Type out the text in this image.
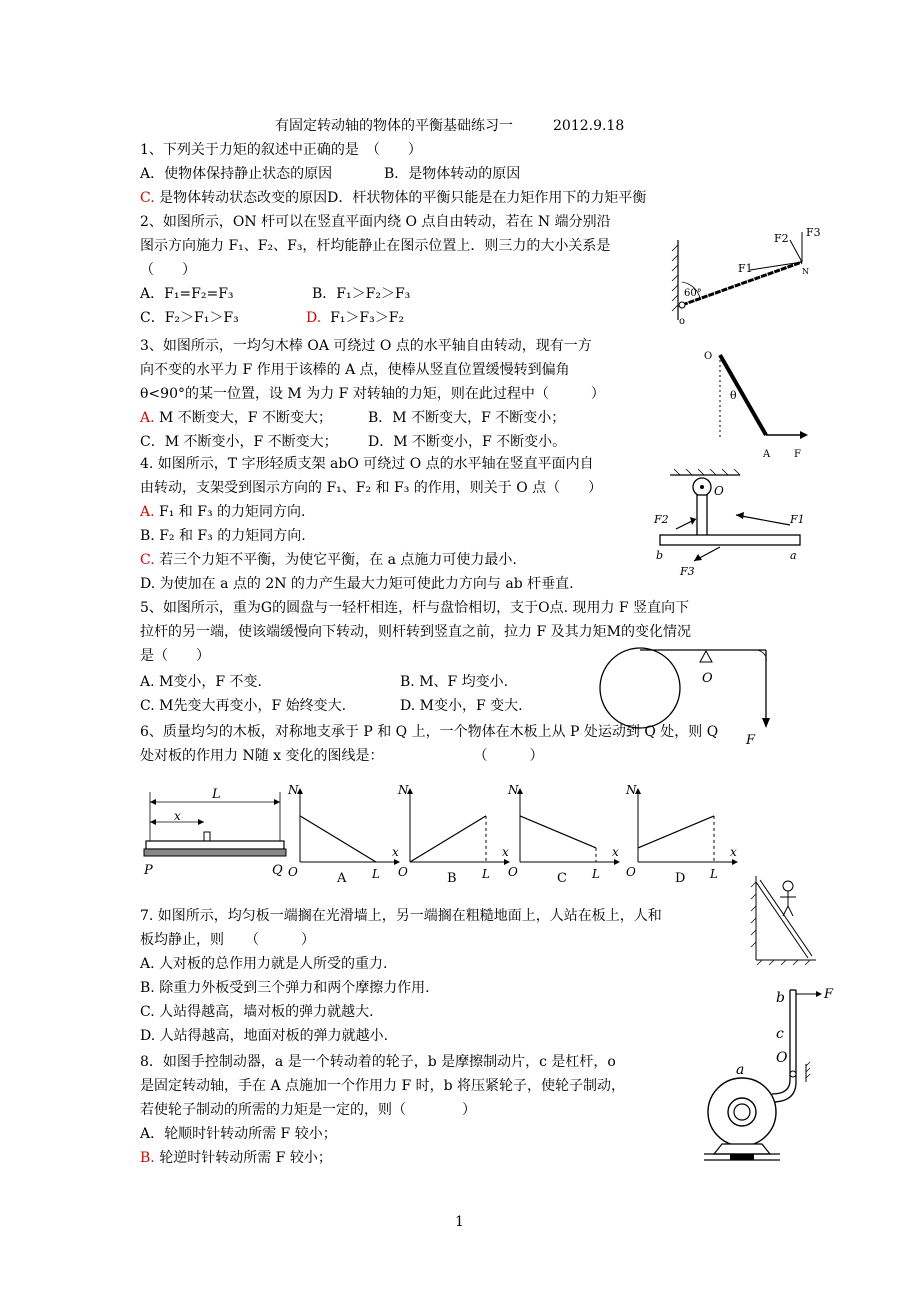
有固定转动轴的物体的平衡基础练习一	2012.9.18
1、下列关于力矩的叙述中正确的是　（　　）
A．使物体保持静止状态的原因	B．是物体转动的原因
C. 是物体转动状态改变的原因D．杆状物体的平衡只能是在力矩作用下的力矩平衡
2、如图所示，ON 杆可以在竖直平面内绕 O 点自由转动，若在 N 端分别沿
图示方向施力 F₁、F₂、F₃，杆均能静止在图示位置上．则三力的大小关系是
（　　）
A．F₁=F₂=F₃	B．F₁＞F₂＞F₃
C．F₂＞F₁＞F₃	D. F₁＞F₃＞F₂
F1
F2 F3
N
60°
o
3、如图所示，一均匀木棒 OA 可绕过 O 点的水平轴自由转动，现有一方
向不变的水平力 F 作用于该棒的 A 点，使棒从竖直位置缓慢转到偏角
θ<90°的某一位置，设 M 为力 F 对转轴的力矩，则在此过程中（　　　）
A. M 不断变大，F 不断变大；	B．M 不断变大，F 不断变小；
C．M 不断变小，F 不断变大； D．M 不断变小，F 不断变小。
O
θ
A F
4. 如图所示，T 字形轻质支架 abO 可绕过 O 点的水平轴在竖直平面内自
由转动，支架受到图示方向的 F₁、F₂ 和 F₃ 的作用，则关于 O 点（　　）
A. F₁ 和 F₃ 的力矩同方向.
B. F₂ 和 F₃ 的力矩同方向.
C. 若三个力矩不平衡，为使它平衡，在 a 点施力可使力最小.
D. 为使加在 a 点的 2N 的力产生最大力矩可使此力方向与 ab 杆垂直.
O
F1
F2
F3
a
b
5、如图所示，重为G的圆盘与一轻杆相连，杆与盘恰相切，支于O点. 现用力 F 竖直向下
拉杆的另一端，使该端缓慢向下转动，则杆转到竖直之前，拉力 F 及其力矩M的变化情况
是（　　）
A. M变小，F 不变.	B. M、F 均变小.
C. M先变大再变小，F 始终变大.	D. M变小，F 变大.
O
F
6、质量均匀的木板，对称地支承于 P 和 Q 上，一个物体在木板上从 P 处运动到 Q 处，则 Q
处对板的作用力 N随 x 变化的图线是：	（　　　）
L
x
P	Q
N
O
x
L
A
N
O
x
L
B
N
O
x
L
C
N
O
x
L
D
7. 如图所示，均匀板一端搁在光滑墙上，另一端搁在粗糙地面上，人站在板上，人和
板均静止，则　　（　　　）
A. 人对板的总作用力就是人所受的重力.
B. 除重力外板受到三个弹力和两个摩擦力作用.
C. 人站得越高，墙对板的弹力就越大.
D. 人站得越高，地面对板的弹力就越小.
8．如图手控制动器，a 是一个转动着的轮子，b 是摩擦制动片，c 是杠杆，o
是固定转动轴，手在 A 点施加一个作用力 F 时，b 将压紧轮子，使轮子制动，
若使轮子制动的所需的力矩是一定的，则（　　　　）
A．轮顺时针转动所需 F 较小；
B. 轮逆时针转动所需 F 较小；
b	F
c
O
a
1
